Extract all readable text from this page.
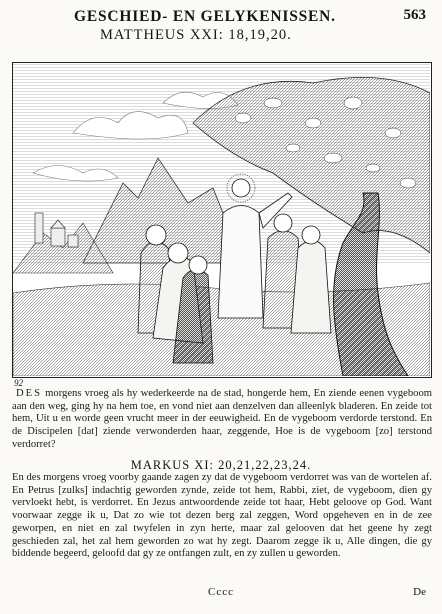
GESCHIED- EN GELYKENISSEN.	563
MATTHEUS XXI: 18,19,20.
92
DES morgens vroeg als hy wederkeerde na de stad, hongerde hem, En ziende eenen vygeboom aan den weg, ging hy na hem toe, en vond niet aan denzelven dan alleenlyk bladeren. En zeide tot hem, Uit u en worde geen vrucht meer in der eeuwigheid. En de vygeboom verdorde terstond. En de Discipelen [dat] ziende verwonderden haar, zeggende, Hoe is de vygeboom [zo] terstond verdorret?
MARKUS XI: 20,21,22,23,24.
En des morgens vroeg voorby gaande zagen zy dat de vygeboom verdorret was van de wortelen af. En Petrus [zulks] indachtig geworden zynde, zeide tot hem, Rabbi, ziet, de vygeboom, dien gy vervloekt hebt, is verdorret. En Jezus antwoordende zeide tot haar, Hebt geloove op God. Want voorwaar zegge ik u, Dat zo wie tot dezen berg zal zeggen, Word opgeheven en in de zee geworpen, en niet en zal twyfelen in zyn herte, maar zal gelooven dat het geene hy zegt geschieden zal, het zal hem geworden zo wat hy zegt. Daarom zegge ik u, Alle dingen, die gy biddende begeerd, geloofd dat gy ze ontfangen zult, en zy zullen u geworden.
Cccc	De
